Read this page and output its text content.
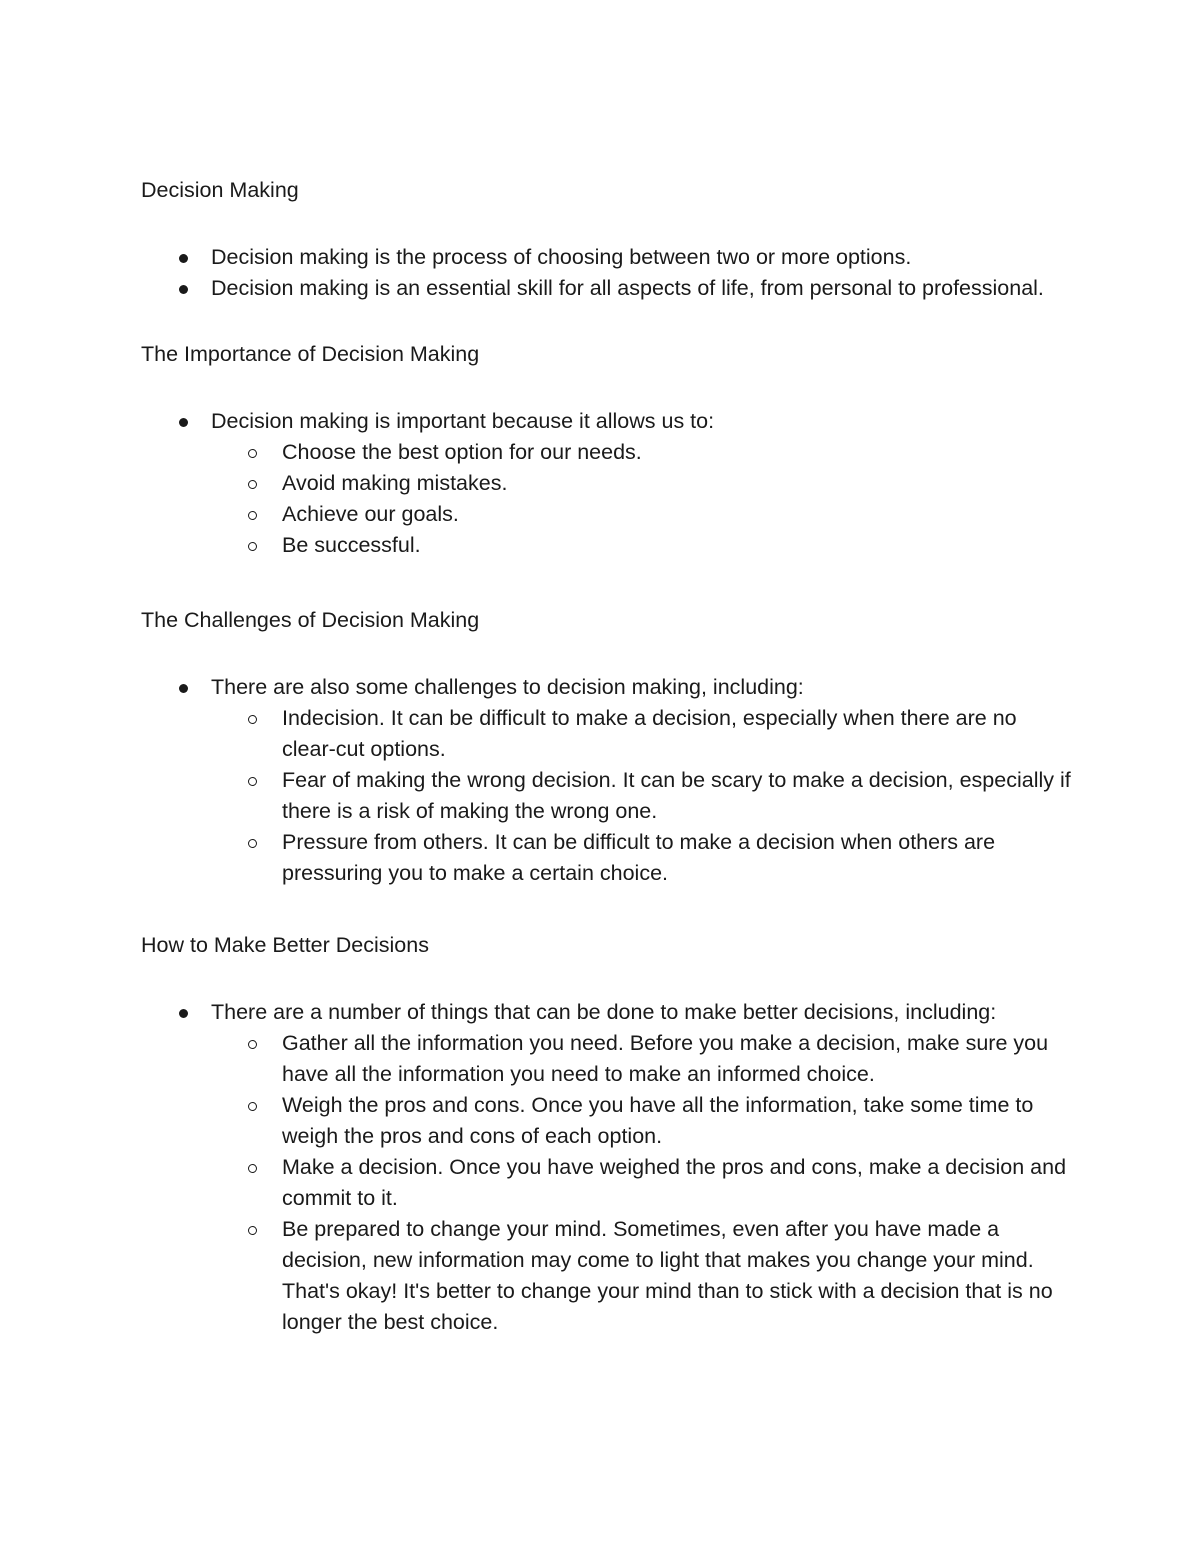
Decision Making
Decision making is the process of choosing between two or more options.
Decision making is an essential skill for all aspects of life, from personal to professional.
The Importance of Decision Making
Decision making is important because it allows us to:
Choose the best option for our needs.
Avoid making mistakes.
Achieve our goals.
Be successful.
The Challenges of Decision Making
There are also some challenges to decision making, including:
Indecision. It can be difficult to make a decision, especially when there are no clear-cut options.
Fear of making the wrong decision. It can be scary to make a decision, especially if there is a risk of making the wrong one.
Pressure from others. It can be difficult to make a decision when others are pressuring you to make a certain choice.
How to Make Better Decisions
There are a number of things that can be done to make better decisions, including:
Gather all the information you need. Before you make a decision, make sure you have all the information you need to make an informed choice.
Weigh the pros and cons. Once you have all the information, take some time to weigh the pros and cons of each option.
Make a decision. Once you have weighed the pros and cons, make a decision and commit to it.
Be prepared to change your mind. Sometimes, even after you have made a decision, new information may come to light that makes you change your mind. That's okay! It's better to change your mind than to stick with a decision that is no longer the best choice.
